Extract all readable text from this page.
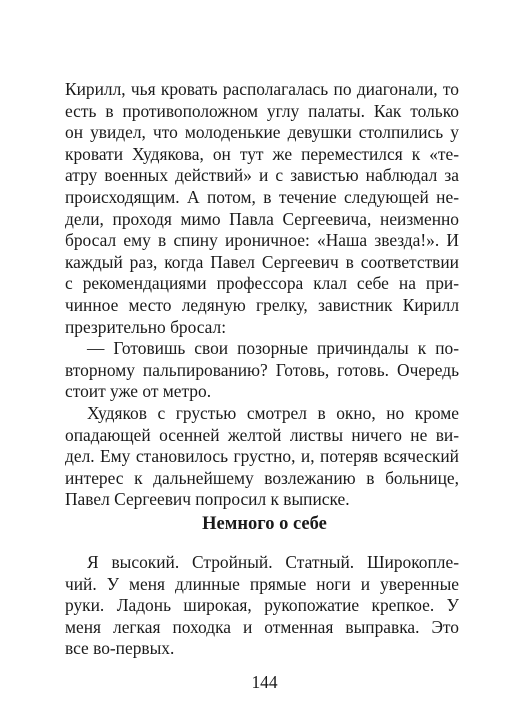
Кирилл, чья кровать располагалась по диагонали, то
есть в противоположном углу палаты. Как только
он увидел, что молоденькие девушки столпились у
кровати Худякова, он тут же переместился к «те-
атру военных действий» и с завистью наблюдал за
происходящим. А потом, в течение следующей не-
дели, проходя мимо Павла Сергеевича, неизменно
бросал ему в спину ироничное: «Наша звезда!». И
каждый раз, когда Павел Сергеевич в соответствии
с рекомендациями профессора клал себе на при-
чинное место ледяную грелку, завистник Кирилл
презрительно бросал:
— Готовишь свои позорные причиндалы к по-
вторному пальпированию? Готовь, готовь. Очередь
стоит уже от метро.
Худяков с грустью смотрел в окно, но кроме
опадающей осенней желтой листвы ничего не ви-
дел. Ему становилось грустно, и, потеряв всяческий
интерес к дальнейшему возлежанию в больнице,
Павел Сергеевич попросил к выписке.
Немного о себе
Я высокий. Стройный. Статный. Широкопле-
чий. У меня длинные прямые ноги и уверенные
руки. Ладонь широкая, рукопожатие крепкое. У
меня легкая походка и отменная выправка. Это
все во-первых.
144
